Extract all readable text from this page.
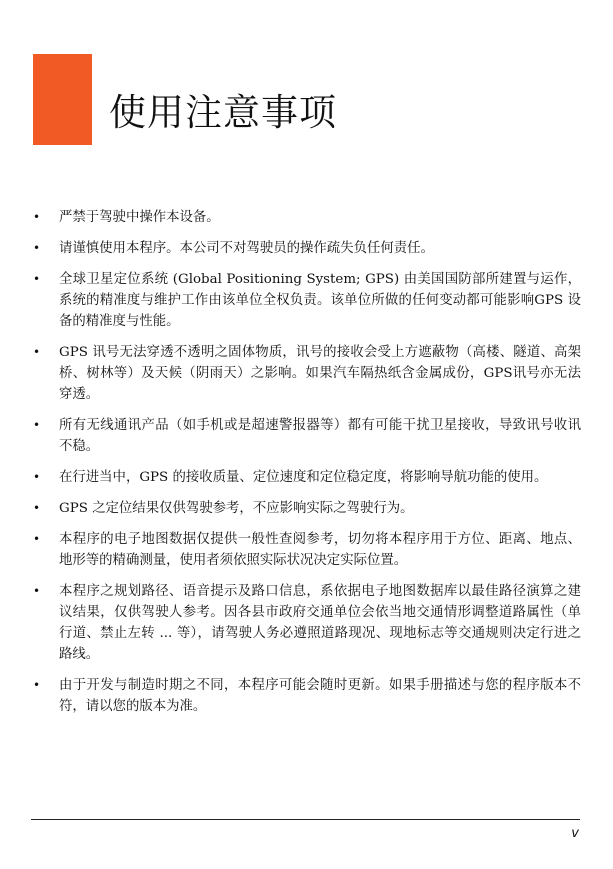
使用注意事项
• 严禁于驾驶中操作本设备。
• 请谨慎使用本程序。本公司不对驾驶员的操作疏失负任何责任。
• 全球卫星定位系统 (Global Positioning System; GPS) 由美国国防部所建置与运作，系统的精准度与维护工作由该单位全权负责。该单位所做的任何变动都可能影响GPS 设备的精准度与性能。
• GPS 讯号无法穿透不透明之固体物质，讯号的接收会受上方遮蔽物（高楼、隧道、高架桥、树林等）及天候（阴雨天）之影响。如果汽车隔热纸含金属成份，GPS讯号亦无法穿透。
• 所有无线通讯产品（如手机或是超速警报器等）都有可能干扰卫星接收，导致讯号收讯不稳。
• 在行进当中，GPS 的接收质量、定位速度和定位稳定度，将影响导航功能的使用。
• GPS 之定位结果仅供驾驶参考，不应影响实际之驾驶行为。
• 本程序的电子地图数据仅提供一般性查阅参考，切勿将本程序用于方位、距离、地点、地形等的精确测量，使用者须依照实际状况决定实际位置。
• 本程序之规划路径、语音提示及路口信息，系依据电子地图数据库以最佳路径演算之建议结果，仅供驾驶人参考。因各县市政府交通单位会依当地交通情形调整道路属性（单行道、禁止左转 ... 等），请驾驶人务必遵照道路现况、现地标志等交通规则决定行进之路线。
• 由于开发与制造时期之不同，本程序可能会随时更新。如果手册描述与您的程序版本不符，请以您的版本为准。
v
